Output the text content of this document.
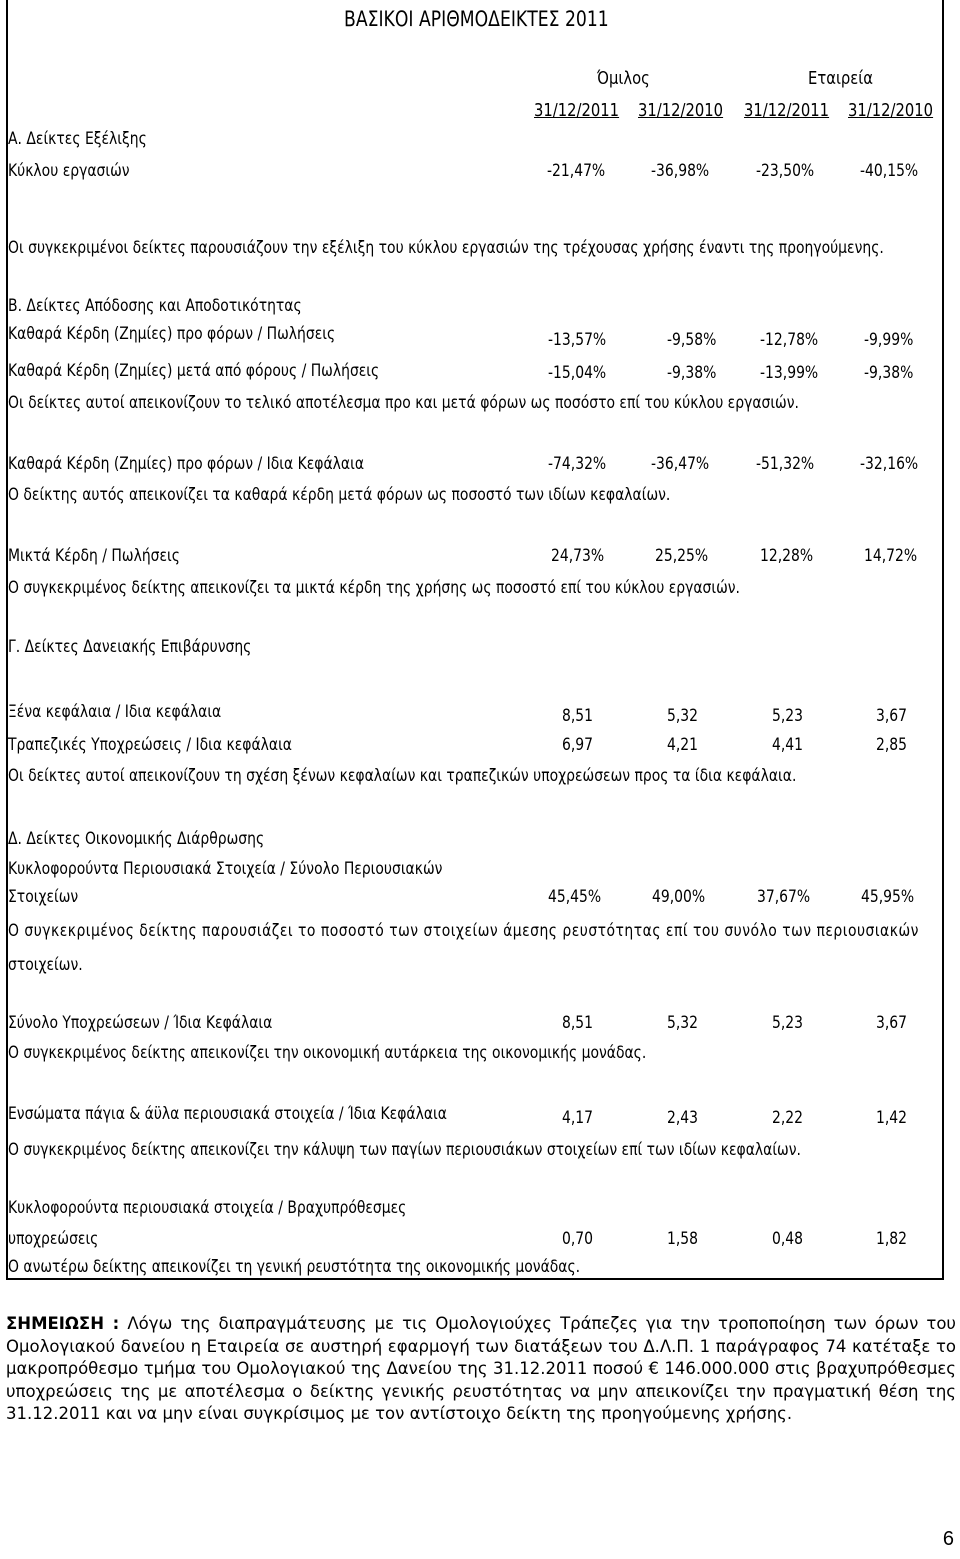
ΒΑΣΙΚΟΙ ΑΡΙΘΜΟΔΕΙΚΤΕΣ 2011
Όμιλος	Εταιρεία
31/12/2011 31/12/2010 31/12/2011 31/12/2010
Α. Δείκτες Εξέλιξης
Κύκλου εργασιών	-21,47%	-36,98%	-23,50%	-40,15%
Οι συγκεκριμένοι δείκτες παρουσιάζουν την εξέλιξη του κύκλου εργασιών της τρέχουσας χρήσης έναντι της προηγούμενης.
Β. Δείκτες Απόδοσης και Αποδοτικότητας
Καθαρά Κέρδη (Ζημίες) προ φόρων / Πωλήσεις	-13,57%	-9,58%	-12,78%	-9,99%
Καθαρά Κέρδη (Ζημίες) μετά από φόρους / Πωλήσεις	-15,04%	-9,38%	-13,99%	-9,38%
Οι δείκτες αυτοί απεικονίζουν το τελικό αποτέλεσμα προ και μετά φόρων ως ποσόστο επί του κύκλου εργασιών.
Καθαρά Κέρδη (Ζημίες) προ φόρων / Ιδια Κεφάλαια	-74,32%	-36,47%	-51,32%	-32,16%
Ο δείκτης αυτός απεικονίζει τα καθαρά κέρδη μετά φόρων ως ποσοστό των ιδίων κεφαλαίων.
Μικτά Κέρδη / Πωλήσεις	24,73%	25,25%	12,28%	14,72%
Ο συγκεκριμένος δείκτης απεικονίζει τα μικτά κέρδη της χρήσης ως ποσοστό επί του κύκλου εργασιών.
Γ. Δείκτες Δανειακής Επιβάρυνσης
Ξένα κεφάλαια / Ιδια κεφάλαια	8,51	5,32	5,23	3,67
Τραπεζικές Υποχρεώσεις / Ιδια κεφάλαια	6,97	4,21	4,41	2,85
Οι δείκτες αυτοί απεικονίζουν τη σχέση ξένων κεφαλαίων και τραπεζικών υποχρεώσεων προς τα ίδια κεφάλαια.
Δ. Δείκτες Οικονομικής Διάρθρωσης
Κυκλοφορούντα Περιουσιακά Στοιχεία / Σύνολο Περιουσιακών
Στοιχείων	45,45%	49,00%	37,67%	45,95%
Ο συγκεκριμένος δείκτης παρουσιάζει το ποσοστό των στοιχείων άμεσης ρευστότητας επί του συνόλο των περιουσιακών
στοιχείων.
Σύνολο Υποχρεώσεων / Ίδια Κεφάλαια	8,51	5,32	5,23	3,67
Ο συγκεκριμένος δείκτης απεικονίζει την οικονομική αυτάρκεια της οικονομικής μονάδας.
Ενσώματα πάγια & άϋλα περιουσιακά στοιχεία / Ίδια Κεφάλαια	4,17	2,43	2,22	1,42
Ο συγκεκριμένος δείκτης απεικονίζει την κάλυψη των παγίων περιουσιάκων στοιχείων επί των ιδίων κεφαλαίων.
Κυκλοφορούντα περιουσιακά στοιχεία / Βραχυπρόθεσμες
υποχρεώσεις	0,70	1,58	0,48	1,82
Ο ανωτέρω δείκτης απεικονίζει τη γενική ρευστότητα της οικονομικής μονάδας.
ΣΗΜΕΙΩΣΗ : Λόγω της διαπραγμάτευσης με τις Ομολογιούχες Τράπεζες για την τροποποίηση των όρων του Ομολογιακού δανείου η Εταιρεία σε αυστηρή εφαρμογή των διατάξεων του Δ.Λ.Π. 1 παράγραφος 74 κατέταξε το μακροπρόθεσμο τμήμα του Ομολογιακού της Δανείου της 31.12.2011 ποσού € 146.000.000 στις βραχυπρόθεσμες υποχρεώσεις της με αποτέλεσμα ο δείκτης γενικής ρευστότητας να μην απεικονίζει την πραγματική θέση της 31.12.2011 και να μην είναι συγκρίσιμος με τον αντίστοιχο δείκτη της προηγούμενης χρήσης.
6
